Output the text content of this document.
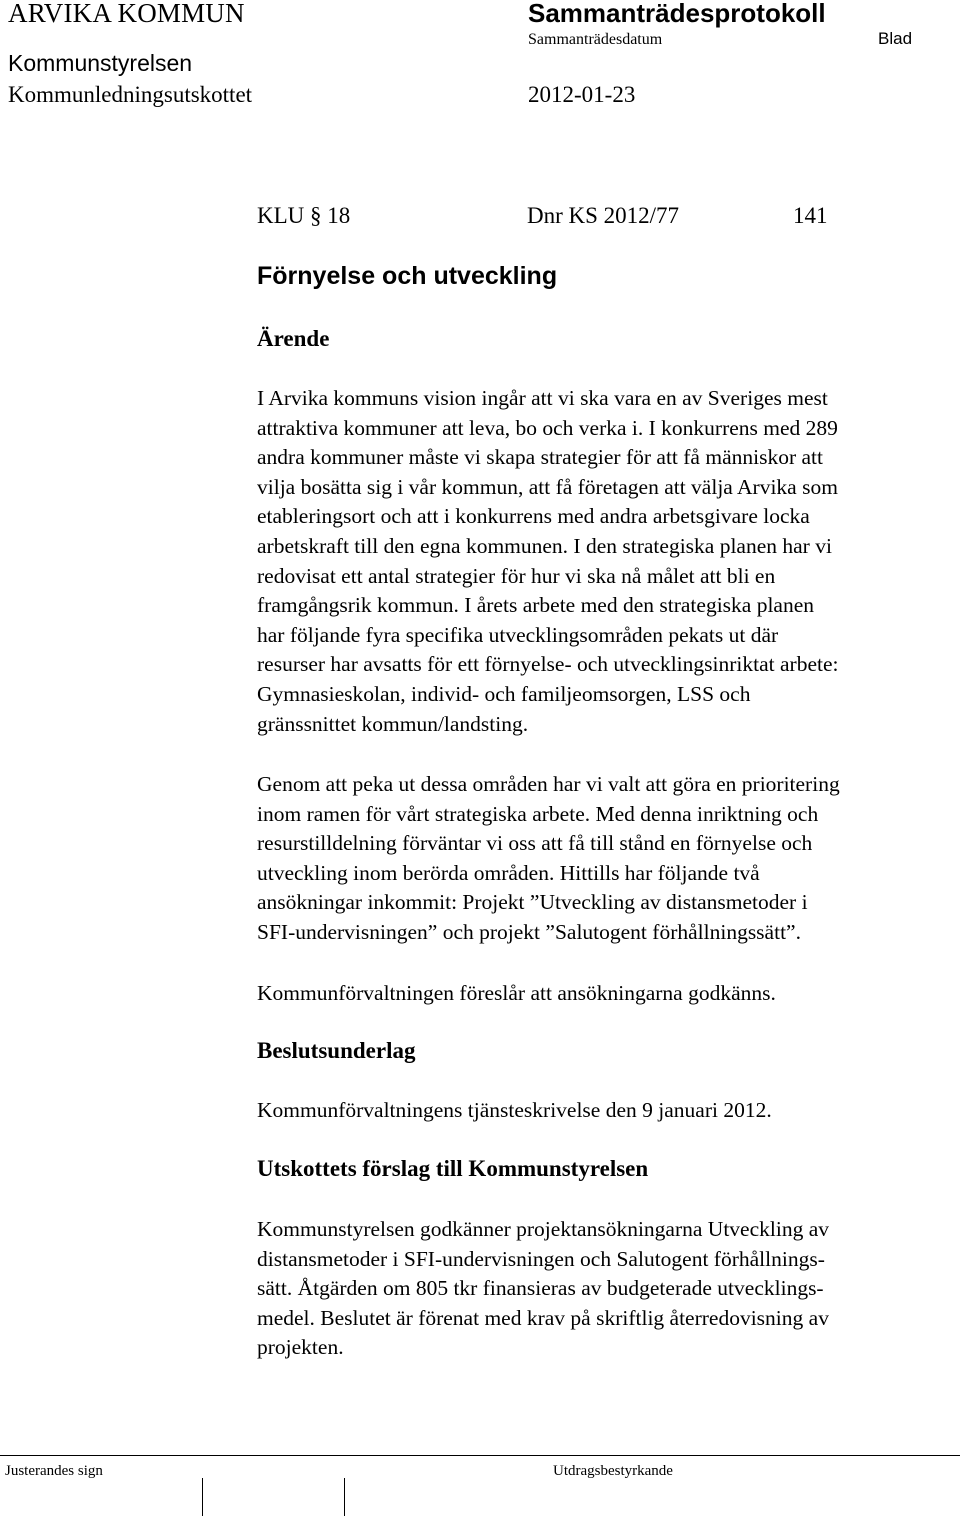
ARVIKA KOMMUN	Sammanträdesprotokoll
Sammanträdesdatum	Blad
Kommunstyrelsen
Kommunledningsutskottet	2012-01-23
KLU § 18	Dnr KS 2012/77	141
Förnyelse och utveckling
Ärende
I Arvika kommuns vision ingår att vi ska vara en av Sveriges mest
attraktiva kommuner att leva, bo och verka i. I konkurrens med 289
andra kommuner måste vi skapa strategier för att få människor att
vilja bosätta sig i vår kommun, att få företagen att välja Arvika som
etableringsort och att i konkurrens med andra arbetsgivare locka
arbetskraft till den egna kommunen. I den strategiska planen har vi
redovisat ett antal strategier för hur vi ska nå målet att bli en
framgångsrik kommun. I årets arbete med den strategiska planen
har följande fyra specifika utvecklingsområden pekats ut där
resurser har avsatts för ett förnyelse- och utvecklingsinriktat arbete:
Gymnasieskolan, individ- och familjeomsorgen, LSS och
gränssnittet kommun/landsting.
Genom att peka ut dessa områden har vi valt att göra en prioritering
inom ramen för vårt strategiska arbete. Med denna inriktning och
resurstilldelning förväntar vi oss att få till stånd en förnyelse och
utveckling inom berörda områden. Hittills har följande två
ansökningar inkommit: Projekt ”Utveckling av distansmetoder i
SFI-undervisningen” och projekt ”Salutogent förhållningssätt”.
Kommunförvaltningen föreslår att ansökningarna godkänns.
Beslutsunderlag
Kommunförvaltningens tjänsteskrivelse den 9 januari 2012.
Utskottets förslag till Kommunstyrelsen
Kommunstyrelsen godkänner projektansökningarna Utveckling av
distansmetoder i SFI-undervisningen och Salutogent förhållnings-
sätt. Åtgärden om 805 tkr finansieras av budgeterade utvecklings-
medel. Beslutet är förenat med krav på skriftlig återredovisning av
projekten.
Justerandes sign	Utdragsbestyrkande
